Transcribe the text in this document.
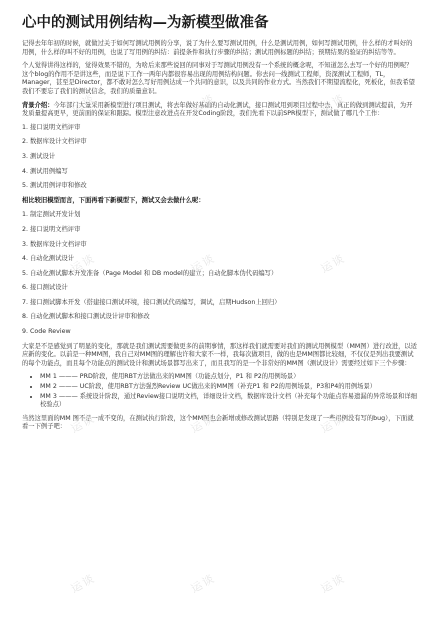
运谈	运谈	运谈
运谈	运谈	运谈
运谈	运谈	运谈
运谈	运谈	运谈
心中的测试用例结构—为新模型做准备

记得去年年初的时候，就做过关于如何写测试用例的分享，说了为什么要写测试用例，什么是测试用例，如何写测试用例，什么样的才叫好的用例，什么样的叫不好的用例，也说了写用例的纠结：前提条件和执行步骤的纠结；测试用例标题的纠结；预期结果的验证的纠结等等。

个人觉得讲得这样的，觉得效果不错的，为啥后来那些说回的同事对于写测试用例没有一个系统的概念呢，不知道怎么去写一个好的用例呢？这个blog的作用不是讲这些，而是说下工作一两年内都很容易出现的用例结构问题。你去问一线测试工程师，资深测试工程师，TL，Manager，甚至是Director，都不敢对怎么写好用例达成一个共同的意识，以及共同的作业方式。当然我们不期望流程化，死板化，但我希望我们不要忘了我们的测试信念，我们的质量意识。

背景介绍：今年部门大量采用新模型进行项目测试，将去年做好基础的自动化测试，接口测试用到项目过程中去，真正的做到测试提前，为开发质量提高更早，更前面的保证和跟踪。模型注意改进点在开发Coding阶段，我们先看下以前SPR模型下，测试做了哪几个工作：

1. 接口说明文档评审
2. 数据库设计文档评审
3. 测试设计
4. 测试用例编写
5. 测试用例评审和修改
相比较旧模型而言，下面再看下新模型下，测试又会去做什么呢：
1. 制定测试开发计划
2. 接口说明文档评审
3. 数据库设计文档评审
4. 自动化测试设计
5. 自动化测试脚本开发准备（Page Model 和 DB model的建立；自动化脚本伪代码编写）
6. 接口测试设计
7. 接口测试脚本开发（搭建接口测试环境，接口测试代码编写，调试，启期Hudson上回归）
8. 自动化测试脚本和接口测试设计评审和修改
9. Code Review

大家是不是感觉到了明显的变化，那就是我们测试需要做更多的前期事情，那这样我们就需要对我们的测试用例模型（MM图）进行改进，以适应新的变化。以前是一种MM图，我自己对MM图的理解也许和大家不一样，我每次做项目，做的也是MM图都比较细，不仅仅是列出我要测试的每个功能点，而且每个功能点的测试设计和测试场景都写出来了，而且我写的是一个非常好的MM图（测试设计）需要经过如下三个步骤：

• MM 1 ——— PRD阶段，使用RBT方法做出来的MM图（功能点划分，P1 和 P2的用例场景）
• MM 2 ——— UC阶段，使用RBT方法强烈Review UC做出来的MM图（补充P1 和 P2的用例场景，P3和P4的用例场景）
• MM 3 ——— 系统设计阶段，通过Review接口说明文档，详细设计文档，数据库设计文档（补充每个功能点容易遗漏的异常场景和详细校验点）

当然这里面的MM 图不是一成不变的，在测试执行阶段，这个MM图也会新增或修改测试思路（特别是发现了一些用例没有写的bug），下面就看一下例子吧：
